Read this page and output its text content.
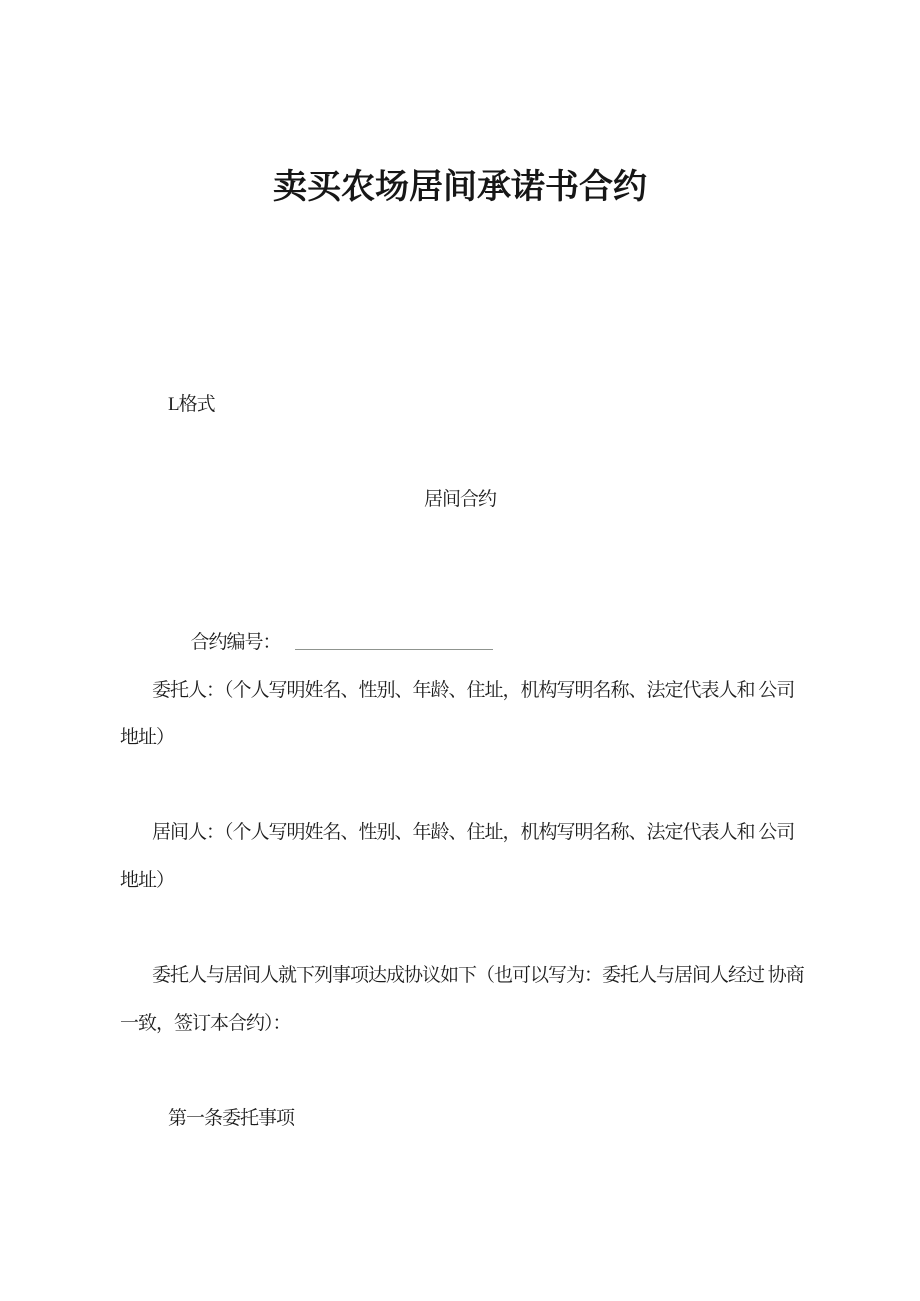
卖买农场居间承诺书合约
L格式
居间合约

合约编号：

委托人：（个人写明姓名、性别、年龄、住址，机构写明名称、法定代表人和 公司
地址）
居间人：（个人写明姓名、性别、年龄、住址，机构写明名称、法定代表人和 公司
地址）
委托人与居间人就下列事项达成协议如下（也可以写为：委托人与居间人经过 协商
一致，签订本合约）：
第一条委托事项
